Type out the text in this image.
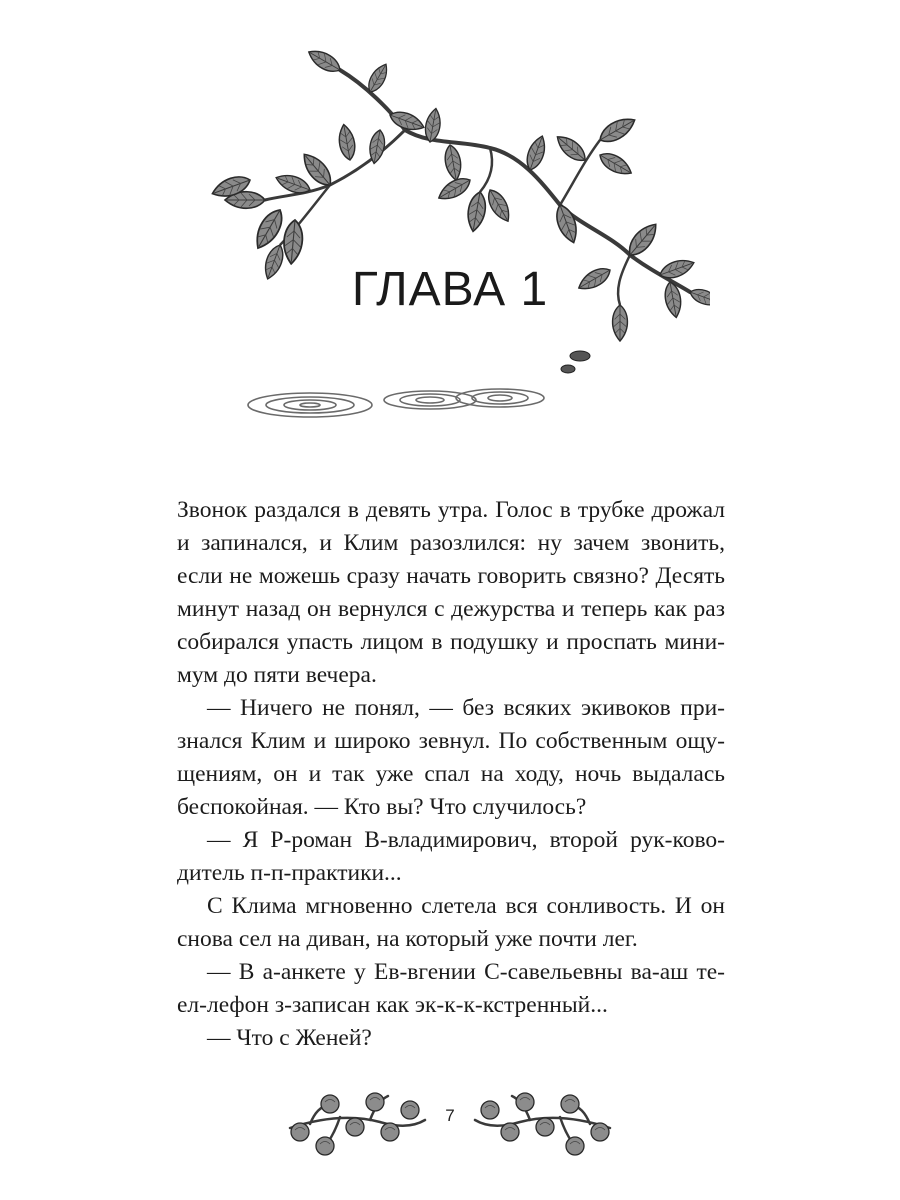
ГЛАВА 1

Звонок раздался в девять утра. Голос в трубке дрожал и запинался, и Клим разозлился: ну зачем звонить, если не можешь сразу начать говорить связно? Десять минут назад он вернулся с дежурства и теперь как раз собирался упасть лицом в подушку и проспать минимум до пяти вечера.

— Ничего не понял, — без всяких экивоков признался Клим и широко зевнул. По собственным ощущениям, он и так уже спал на ходу, ночь выдалась беспокойная. — Кто вы? Что случилось?

— Я Р-роман В-владимирович, второй рук-ководитель п-п-практики...

С Клима мгновенно слетела вся сонливость. И он снова сел на диван, на который уже почти лег.

— В а-анкете у Ев-вгении С-савельевны ва-аш теел-лефон з-записан как эк-к-к-кстренный...

— Что с Женей?

7
